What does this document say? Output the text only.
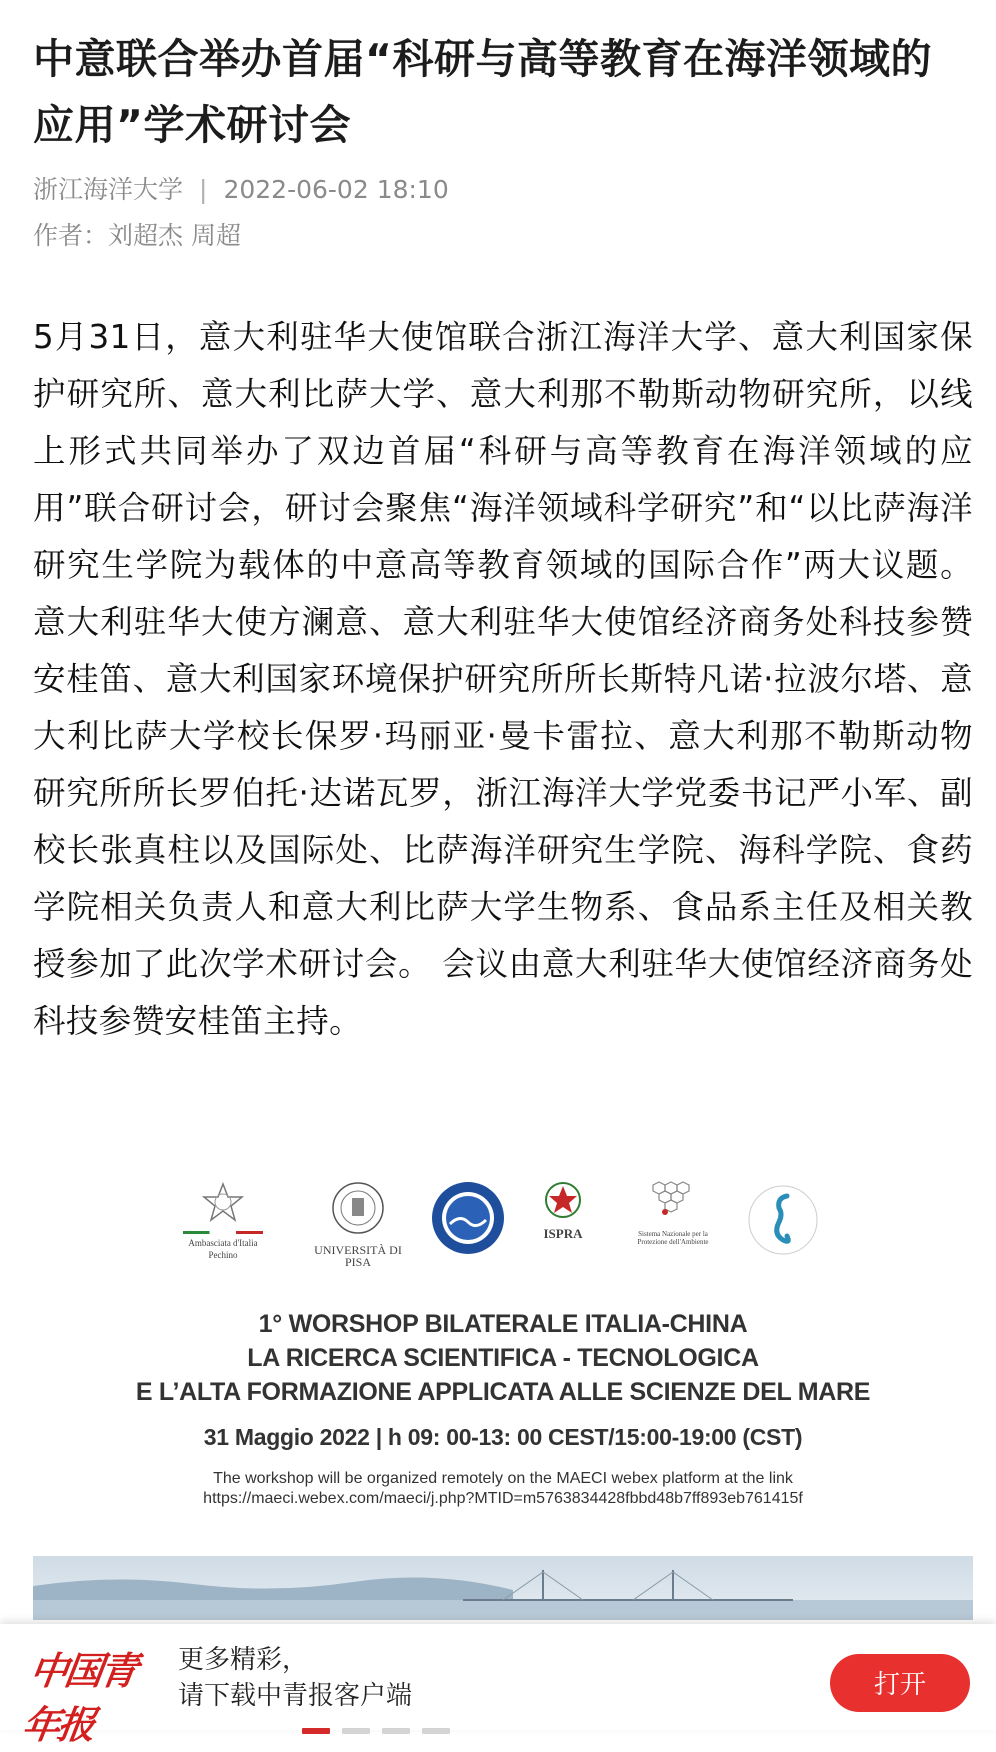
中意联合举办首届“科研与高等教育在海洋领域的应用”学术研讨会
浙江海洋大学 | 2022-06-02 18:10
作者：刘超杰 周超

5月31日，意大利驻华大使馆联合浙江海洋大学、意大利国家保护研究所、意大利比萨大学、意大利那不勒斯动物研究所，以线上形式共同举办了双边首届“科研与高等教育在海洋领域的应用”联合研讨会，研讨会聚焦“海洋领域科学研究”和“以比萨海洋研究生学院为载体的中意高等教育领域的国际合作”两大议题。 意大利驻华大使方澜意、意大利驻华大使馆经济商务处科技参赞安桂笛、意大利国家环境保护研究所所长斯特凡诺·拉波尔塔、意大利比萨大学校长保罗·玛丽亚·曼卡雷拉、意大利那不勒斯动物研究所所长罗伯托·达诺瓦罗，浙江海洋大学党委书记严小军、副校长张真柱以及国际处、比萨海洋研究生学院、海科学院、食药学院相关负责人和意大利比萨大学生物系、食品系主任及相关教授参加了此次学术研讨会。 会议由意大利驻华大使馆经济商务处科技参赞安桂笛主持。

Ambasciata d'Italia Pechino	UNIVERSITÀ DI PISA
ISPRA	Sistema Nazionale per la Protezione dell'Ambiente
1° WORSHOP BILATERALE ITALIA-CHINA
LA RICERCA SCIENTIFICA - TECNOLOGICA
E L’ALTA FORMAZIONE APPLICATA ALLE SCIENZE DEL MARE
31 Maggio 2022 | h 09: 00-13: 00 CEST/15:00-19:00 (CST)
The workshop will be organized remotely on the MAECI webex platform at the link
https://maeci.webex.com/maeci/j.php?MTID=m5763834428fbbd48b7ff893eb761415f
中国青年报
更多精彩，
请下载中青报客户端	打开
